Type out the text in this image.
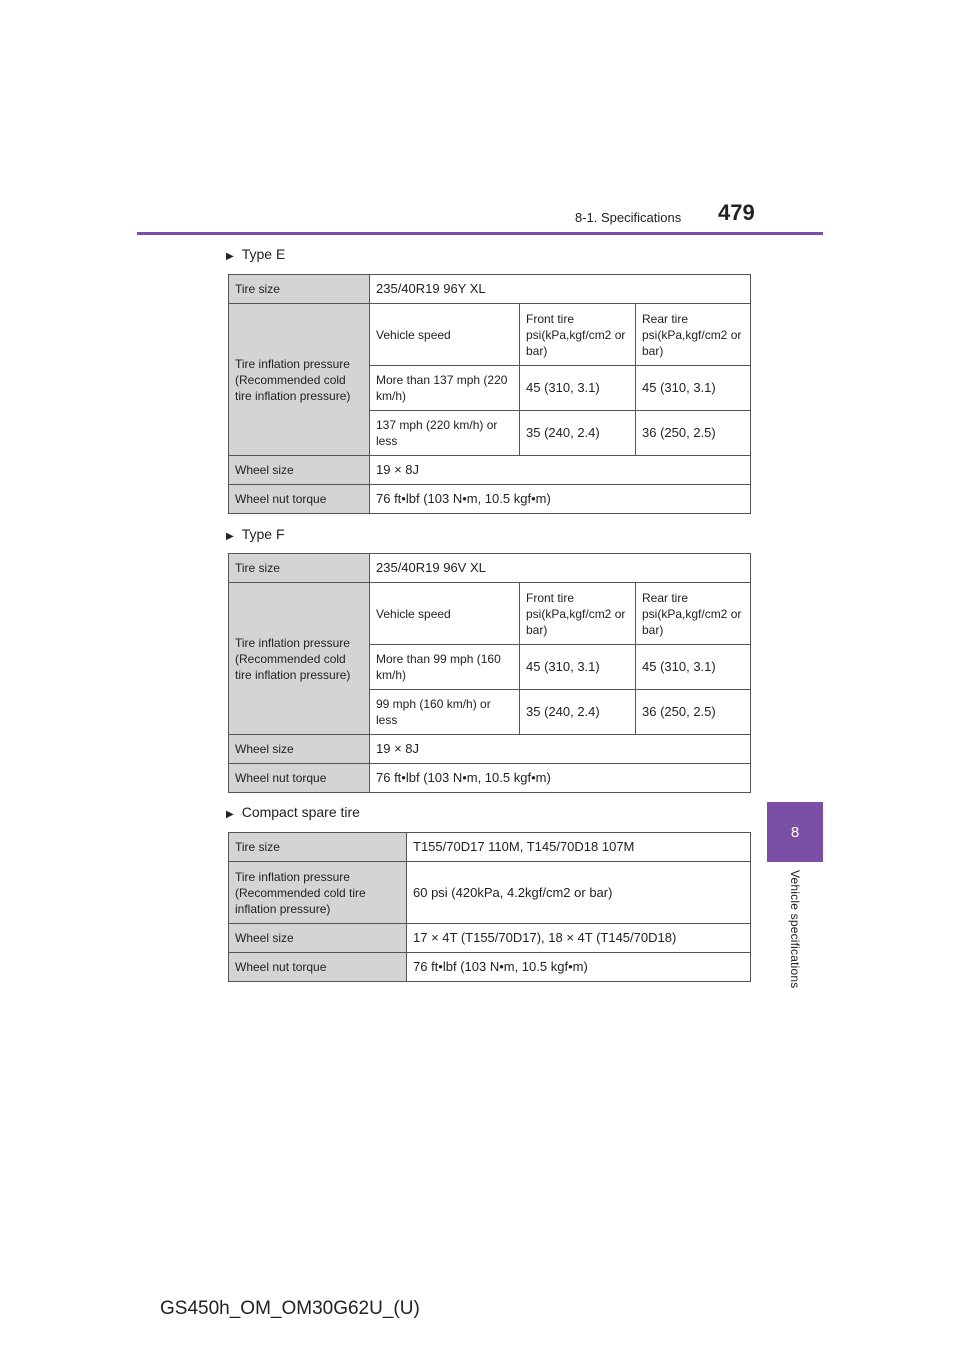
8-1. Specifications 479
8
Vehicle specifications
▶ Type E
Tire size	235/40R19 96Y XL		
Tire inflation pressure (Recommended cold tire inflation pressure)	Vehicle speed	Front tire psi(kPa,kgf/cm2 or bar)	Rear tire psi(kPa,kgf/cm2 or bar)
	More than 137 mph (220 km/h)	45 (310, 3.1)	45 (310, 3.1)
	137 mph (220 km/h) or less	35 (240, 2.4)	36 (250, 2.5)
Wheel size	19 × 8J		
Wheel nut torque	76 ft•lbf (103 N•m, 10.5 kgf•m)		
▶ Type F
Tire size	235/40R19 96V XL		
Tire inflation pressure (Recommended cold tire inflation pressure)	Vehicle speed	Front tire psi(kPa,kgf/cm2 or bar)	Rear tire psi(kPa,kgf/cm2 or bar)
	More than 99 mph (160 km/h)	45 (310, 3.1)	45 (310, 3.1)
	99 mph (160 km/h) or less	35 (240, 2.4)	36 (250, 2.5)
Wheel size	19 × 8J		
Wheel nut torque	76 ft•lbf (103 N•m, 10.5 kgf•m)		
▶ Compact spare tire
Tire size	T155/70D17 110M, T145/70D18 107M
Tire inflation pressure (Recommended cold tire inflation pressure)	60 psi (420kPa, 4.2kgf/cm2 or bar)
Wheel size	17 × 4T (T155/70D17), 18 × 4T (T145/70D18)
Wheel nut torque	76 ft•lbf (103 N•m, 10.5 kgf•m)
GS450h_OM_OM30G62U_(U)
